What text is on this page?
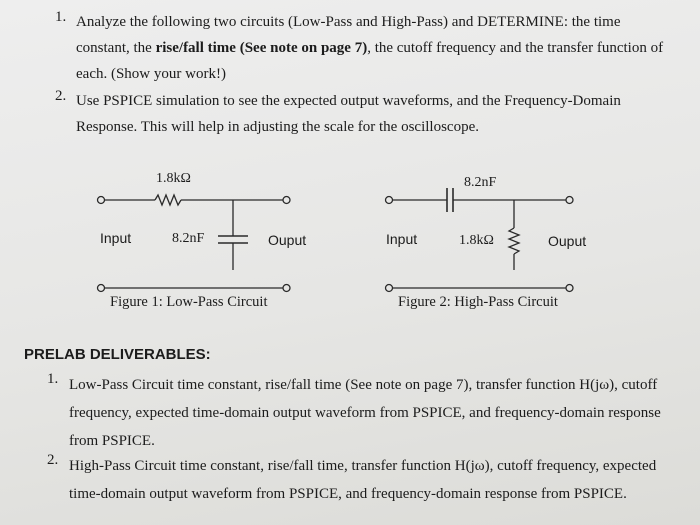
1. Analyze the following two circuits (Low-Pass and High-Pass) and DETERMINE: the time
constant, the rise/fall time (See note on page 7), the cutoff frequency and the transfer function of
each. (Show your work!)
2. Use PSPICE simulation to see the expected output waveforms, and the Frequency-Domain
Response. This will help in adjusting the scale for the oscilloscope.
1.8kΩ
Input	8.2nF	Ouput
Figure 1: Low-Pass Circuit
8.2nF
Input	1.8kΩ	Ouput
Figure 2: High-Pass Circuit
PRELAB DELIVERABLES:
1. Low-Pass Circuit time constant, rise/fall time (See note on page 7), transfer function H(jω), cutoff
frequency, expected time-domain output waveform from PSPICE, and frequency-domain response
from PSPICE.
2. High-Pass Circuit time constant, rise/fall time, transfer function H(jω), cutoff frequency, expected
time-domain output waveform from PSPICE, and frequency-domain response from PSPICE.
